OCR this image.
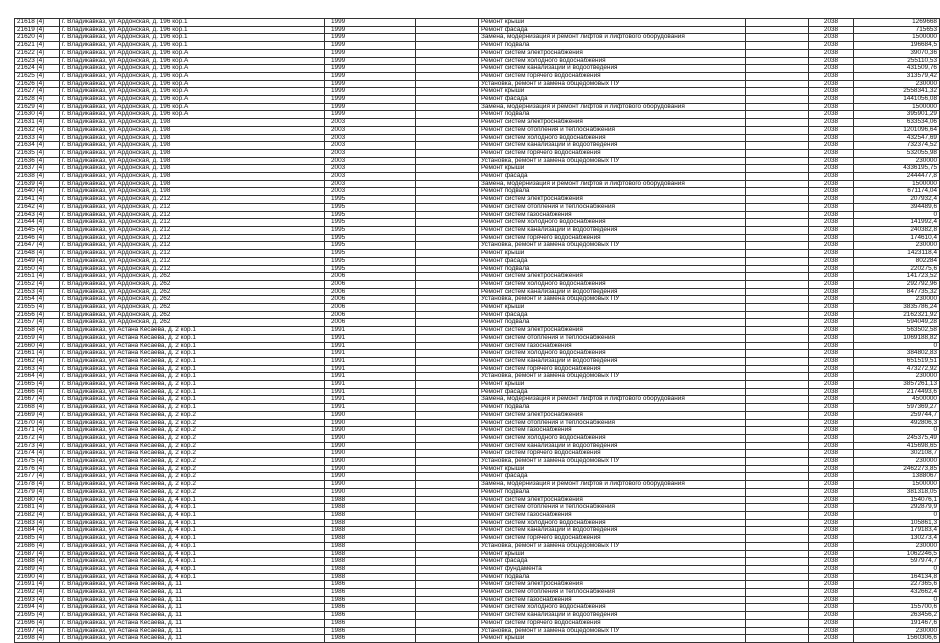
21618 (4)	г. Владикавказ, ул Ардонская, д. 196 кор.1	1999		Ремонт крыши		2038	1269668
21619 (4)	г. Владикавказ, ул Ардонская, д. 196 кор.1	1999		Ремонт фасада		2038	715653
21620 (4)	г. Владикавказ, ул Ардонская, д. 196 кор.1	1999		Замена, модернизация и ремонт лифтов и лифтового оборудования		2038	1500000
21621 (4)	г. Владикавказ, ул Ардонская, д. 196 кор.1	1999		Ремонт подвала		2038	196684,5
21622 (4)	г. Владикавказ, ул Ардонская, д. 196 кор.А	1999		Ремонт систем электроснабжения		2038	39070,36
21623 (4)	г. Владикавказ, ул Ардонская, д. 196 кор.А	1999		Ремонт систем холодного водоснабжения		2038	255110,53
21624 (4)	г. Владикавказ, ул Ардонская, д. 196 кор.А	1999		Ремонт систем канализации и водоотведения		2038	431509,76
21625 (4)	г. Владикавказ, ул Ардонская, д. 196 кор.А	1999		Ремонт систем горячего водоснабжения		2038	313579,42
21626 (4)	г. Владикавказ, ул Ардонская, д. 196 кор.А	1999		Установка, ремонт и замена общедомовых ПУ		2038	230000
21627 (4)	г. Владикавказ, ул Ардонская, д. 196 кор.А	1999		Ремонт крыши		2038	2558341,32
21628 (4)	г. Владикавказ, ул Ардонская, д. 196 кор.А	1999		Ремонт фасада		2038	1441056,08
21629 (4)	г. Владикавказ, ул Ардонская, д. 196 кор.А	1999		Замена, модернизация и ремонт лифтов и лифтового оборудования		2038	1500000
21630 (4)	г. Владикавказ, ул Ардонская, д. 196 кор.А	1999		Ремонт подвала		2038	395901,29
21631 (4)	г. Владикавказ, ул Ардонская, д. 198	2003		Ремонт систем электроснабжения		2038	633534,06
21632 (4)	г. Владикавказ, ул Ардонская, д. 198	2003		Ремонт систем отопления и теплоснабжения		2038	1201096,64
21633 (4)	г. Владикавказ, ул Ардонская, д. 198	2003		Ремонт систем холодного водоснабжения		2038	432547,69
21634 (4)	г. Владикавказ, ул Ардонская, д. 198	2003		Ремонт систем канализации и водоотведения		2038	732374,52
21635 (4)	г. Владикавказ, ул Ардонская, д. 198	2003		Ремонт систем горячего водоснабжения		2038	532055,98
21636 (4)	г. Владикавказ, ул Ардонская, д. 198	2003		Установка, ремонт и замена общедомовых ПУ		2038	230000
21637 (4)	г. Владикавказ, ул Ардонская, д. 198	2003		Ремонт крыши		2038	4336195,75
21638 (4)	г. Владикавказ, ул Ардонская, д. 198	2003		Ремонт фасада		2038	2444477,8
21639 (4)	г. Владикавказ, ул Ардонская, д. 198	2003		Замена, модернизация и ремонт лифтов и лифтового оборудования		2038	1500000
21640 (4)	г. Владикавказ, ул Ардонская, д. 198	2003		Ремонт подвала		2038	671174,04
21641 (4)	г. Владикавказ, ул Ардонская, д. 212	1995		Ремонт систем электроснабжения		2038	207932,4
21642 (4)	г. Владикавказ, ул Ардонская, д. 212	1995		Ремонт систем отопления и теплоснабжения		2038	394489,6
21643 (4)	г. Владикавказ, ул Ардонская, д. 212	1995		Ремонт систем газоснабжения		2038	0
21644 (4)	г. Владикавказ, ул Ардонская, д. 212	1995		Ремонт систем холодного водоснабжения		2038	141992,4
21645 (4)	г. Владикавказ, ул Ардонская, д. 212	1995		Ремонт систем канализации и водоотведения		2038	240382,8
21646 (4)	г. Владикавказ, ул Ардонская, д. 212	1995		Ремонт систем горячего водоснабжения		2038	174610,4
21647 (4)	г. Владикавказ, ул Ардонская, д. 212	1995		Установка, ремонт и замена общедомовых ПУ		2038	230000
21648 (4)	г. Владикавказ, ул Ардонская, д. 212	1995		Ремонт крыши		2038	1423118,4
21649 (4)	г. Владикавказ, ул Ардонская, д. 212	1995		Ремонт фасада		2038	802284
21650 (4)	г. Владикавказ, ул Ардонская, д. 212	1995		Ремонт подвала		2038	220275,6
21651 (4)	г. Владикавказ, ул Ардонская, д. 262	2006		Ремонт систем электроснабжения		2038	141723,52
21652 (4)	г. Владикавказ, ул Ардонская, д. 262	2006		Ремонт систем холодного водоснабжения		2038	292792,96
21653 (4)	г. Владикавказ, ул Ардонская, д. 262	2006		Ремонт систем канализации и водоотведения		2038	847735,32
21654 (4)	г. Владикавказ, ул Ардонская, д. 262	2006		Установка, ремонт и замена общедомовых ПУ		2038	230000
21655 (4)	г. Владикавказ, ул Ардонская, д. 262	2006		Ремонт крыши		2038	3835786,24
21656 (4)	г. Владикавказ, ул Ардонская, д. 262	2006		Ремонт фасада		2038	2162321,92
21657 (4)	г. Владикавказ, ул Ардонская, д. 262	2006		Ремонт подвала		2038	594049,28
21658 (4)	г. Владикавказ, ул Астана Кесаева, д. 2 кор.1	1991		Ремонт систем электроснабжения		2038	563502,58
21659 (4)	г. Владикавказ, ул Астана Кесаева, д. 2 кор.1	1991		Ремонт систем отопления и теплоснабжения		2038	1069188,82
21660 (4)	г. Владикавказ, ул Астана Кесаева, д. 2 кор.1	1991		Ремонт систем газоснабжения		2038	0
21661 (4)	г. Владикавказ, ул Астана Кесаева, д. 2 кор.1	1991		Ремонт систем холодного водоснабжения		2038	384802,83
21662 (4)	г. Владикавказ, ул Астана Кесаева, д. 2 кор.1	1991		Ремонт систем канализации и водоотведения		2038	651519,51
21663 (4)	г. Владикавказ, ул Астана Кесаева, д. 2 кор.1	1991		Ремонт систем горячего водоснабжения		2038	473272,92
21664 (4)	г. Владикавказ, ул Астана Кесаева, д. 2 кор.1	1991		Установка, ремонт и замена общедомовых ПУ		2038	230000
21665 (4)	г. Владикавказ, ул Астана Кесаева, д. 2 кор.1	1991		Ремонт крыши		2038	3857261,13
21666 (4)	г. Владикавказ, ул Астана Кесаева, д. 2 кор.1	1991		Ремонт фасада		2038	2174493,6
21667 (4)	г. Владикавказ, ул Астана Кесаева, д. 2 кор.1	1991		Замена, модернизация и ремонт лифтов и лифтового оборудования		2038	4500000
21668 (4)	г. Владикавказ, ул Астана Кесаева, д. 2 кор.1	1991		Ремонт подвала		2038	597369,27
21669 (4)	г. Владикавказ, ул Астана Кесаева, д. 2 кор.2	1990		Ремонт систем электроснабжения		2038	259744,7
21670 (4)	г. Владикавказ, ул Астана Кесаева, д. 2 кор.2	1990		Ремонт систем отопления и теплоснабжения		2038	492806,3
21671 (4)	г. Владикавказ, ул Астана Кесаева, д. 2 кор.2	1990		Ремонт систем газоснабжения		2038	0
21672 (4)	г. Владикавказ, ул Астана Кесаева, д. 2 кор.2	1990		Ремонт систем холодного водоснабжения		2038	245375,49
21673 (4)	г. Владикавказ, ул Астана Кесаева, д. 2 кор.2	1990		Ремонт систем канализации и водоотведения		2038	415698,65
21674 (4)	г. Владикавказ, ул Астана Кесаева, д. 2 кор.2	1990		Ремонт систем горячего водоснабжения		2038	302108,7
21675 (4)	г. Владикавказ, ул Астана Кесаева, д. 2 кор.2	1990		Установка, ремонт и замена общедомовых ПУ		2038	230000
21676 (4)	г. Владикавказ, ул Астана Кесаева, д. 2 кор.2	1990		Ремонт крыши		2038	2462273,85
21677 (4)	г. Владикавказ, ул Астана Кесаева, д. 2 кор.2	1990		Ремонт фасада		2038	1388067
21678 (4)	г. Владикавказ, ул Астана Кесаева, д. 2 кор.2	1990		Замена, модернизация и ремонт лифтов и лифтового оборудования		2038	1500000
21679 (4)	г. Владикавказ, ул Астана Кесаева, д. 2 кор.2	1990		Ремонт подвала		2038	381318,05
21680 (4)	г. Владикавказ, ул Астана Кесаева, д. 4 кор.1	1988		Ремонт систем электроснабжения		2038	154076,1
21681 (4)	г. Владикавказ, ул Астана Кесаева, д. 4 кор.1	1988		Ремонт систем отопления и теплоснабжения		2038	292879,9
21682 (4)	г. Владикавказ, ул Астана Кесаева, д. 4 кор.1	1988		Ремонт систем газоснабжения		2038	0
21683 (4)	г. Владикавказ, ул Астана Кесаева, д. 4 кор.1	1988		Ремонт систем холодного водоснабжения		2038	105861,3
21684 (4)	г. Владикавказ, ул Астана Кесаева, д. 4 кор.1	1988		Ремонт систем канализации и водоотведения		2038	179183,4
21685 (4)	г. Владикавказ, ул Астана Кесаева, д. 4 кор.1	1988		Ремонт систем горячего водоснабжения		2038	130273,4
21686 (4)	г. Владикавказ, ул Астана Кесаева, д. 4 кор.1	1988		Установка, ремонт и замена общедомовых ПУ		2038	230000
21687 (4)	г. Владикавказ, ул Астана Кесаева, д. 4 кор.1	1988		Ремонт крыши		2038	1062246,5
21688 (4)	г. Владикавказ, ул Астана Кесаева, д. 4 кор.1	1988		Ремонт фасада		2038	597974,7
21689 (4)	г. Владикавказ, ул Астана Кесаева, д. 4 кор.1	1988		Ремонт фундамента		2038	0
21690 (4)	г. Владикавказ, ул Астана Кесаева, д. 4 кор.1	1988		Ремонт подвала		2038	164134,8
21691 (4)	г. Владикавказ, ул Астана Кесаева, д. 11	1986		Ремонт систем электроснабжения		2038	227365,6
21692 (4)	г. Владикавказ, ул Астана Кесаева, д. 11	1986		Ремонт систем отопления и теплоснабжения		2038	432662,4
21693 (4)	г. Владикавказ, ул Астана Кесаева, д. 11	1986		Ремонт систем газоснабжения		2038	0
21694 (4)	г. Владикавказ, ул Астана Кесаева, д. 11	1986		Ремонт систем холодного водоснабжения		2038	155700,6
21695 (4)	г. Владикавказ, ул Астана Кесаева, д. 11	1986		Ремонт систем канализации и водоотведения		2038	263456,2
21696 (4)	г. Владикавказ, ул Астана Кесаева, д. 11	1986		Ремонт систем горячего водоснабжения		2038	191467,6
21697 (4)	г. Владикавказ, ул Астана Кесаева, д. 11	1986		Установка, ремонт и замена общедомовых ПУ		2038	230000
21698 (4)	г. Владикавказ, ул Астана Кесаева, д. 11	1986		Ремонт крыши		2038	1560306,6
